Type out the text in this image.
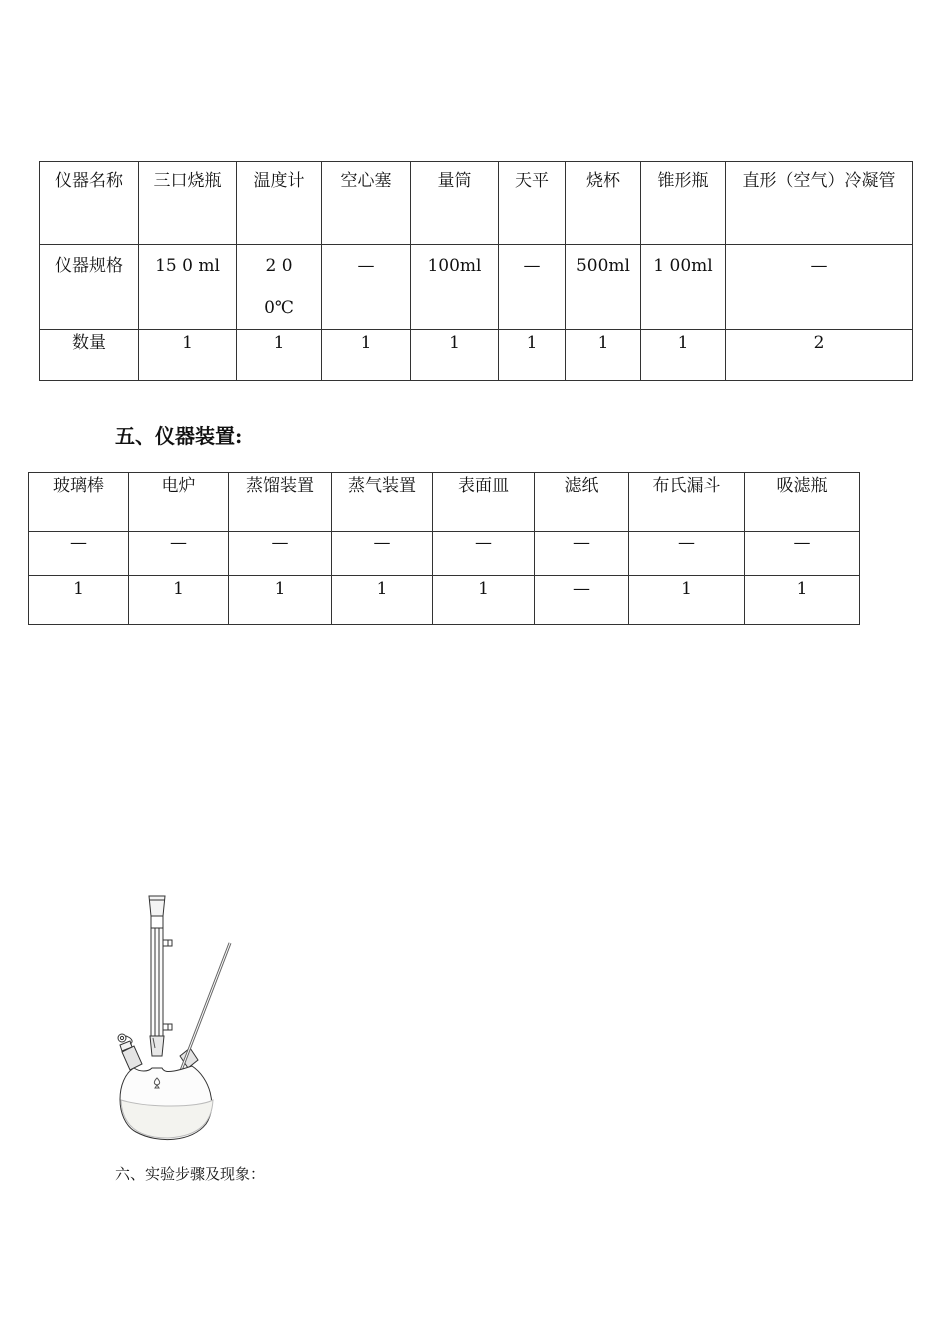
仪器名称	三口烧瓶	温度计	空心塞	量筒	天平	烧杯	锥形瓶	直形（空气）冷凝管

仪器规格	15 0 ml	2 0 0℃	—	100ml	—	500ml	1 00ml	—

数量	1	1	1	1	1	1	1	2
五、仪器装置:
玻璃棒	电炉	蒸馏装置	蒸气装置	表面皿	滤纸	布氏漏斗	吸滤瓶

—	—	—	—	—	—	—	—

1	1	1	1	1	—	1	1
六、实验步骤及现象：
